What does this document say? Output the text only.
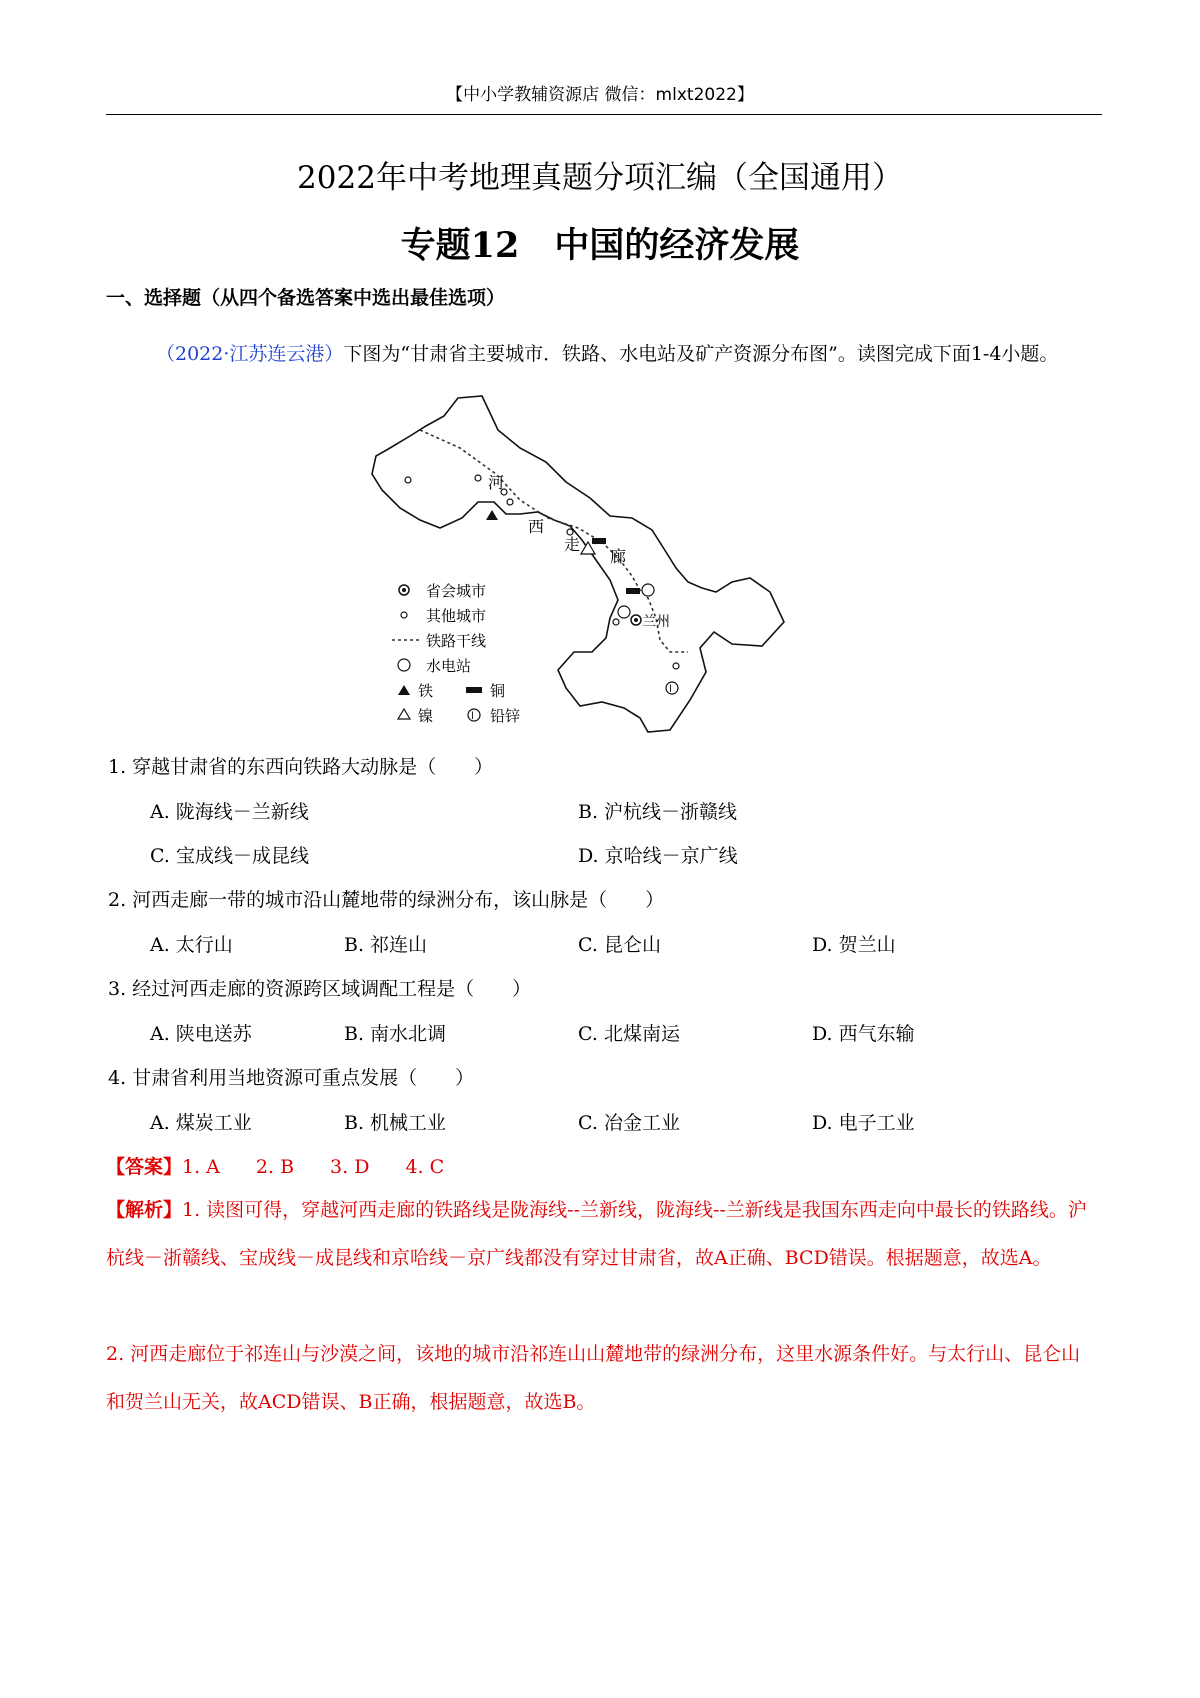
【中小学教辅资源店 微信：mlxt2022】
2022年中考地理真题分项汇编（全国通用）
专题12　中国的经济发展
一、选择题（从四个备选答案中选出最佳选项）
（2022·江苏连云港）下图为“甘肃省主要城市．铁路、水电站及矿产资源分布图”。读图完成下面1-4小题。
l
河
西
走
廊
兰州
省会城市
其他城市
铁路干线
水电站
铁	铜
镍	l 铅锌
1. 穿越甘肃省的东西向铁路大动脉是（　　）
A. 陇海线－兰新线	B. 沪杭线－浙赣线
C. 宝成线－成昆线	D. 京哈线－京广线
2. 河西走廊一带的城市沿山麓地带的绿洲分布，该山脉是（　　）
A. 太行山	B. 祁连山	C. 昆仑山	D. 贺兰山
3. 经过河西走廊的资源跨区域调配工程是（　　）
A. 陕电送苏	B. 南水北调	C. 北煤南运	D. 西气东输
4. 甘肃省利用当地资源可重点发展（　　）
A. 煤炭工业	B. 机械工业	C. 冶金工业	D. 电子工业
【答案】1. A 2. B 3. D 4. C
【解析】1. 读图可得，穿越河西走廊的铁路线是陇海线--兰新线，陇海线--兰新线是我国东西走向中最长的铁路线。沪杭线－浙赣线、宝成线－成昆线和京哈线－京广线都没有穿过甘肃省，故A正确、BCD错误。根据题意，故选A。
2. 河西走廊位于祁连山与沙漠之间，该地的城市沿祁连山山麓地带的绿洲分布，这里水源条件好。与太行山、昆仑山和贺兰山无关，故ACD错误、B正确，根据题意，故选B。
